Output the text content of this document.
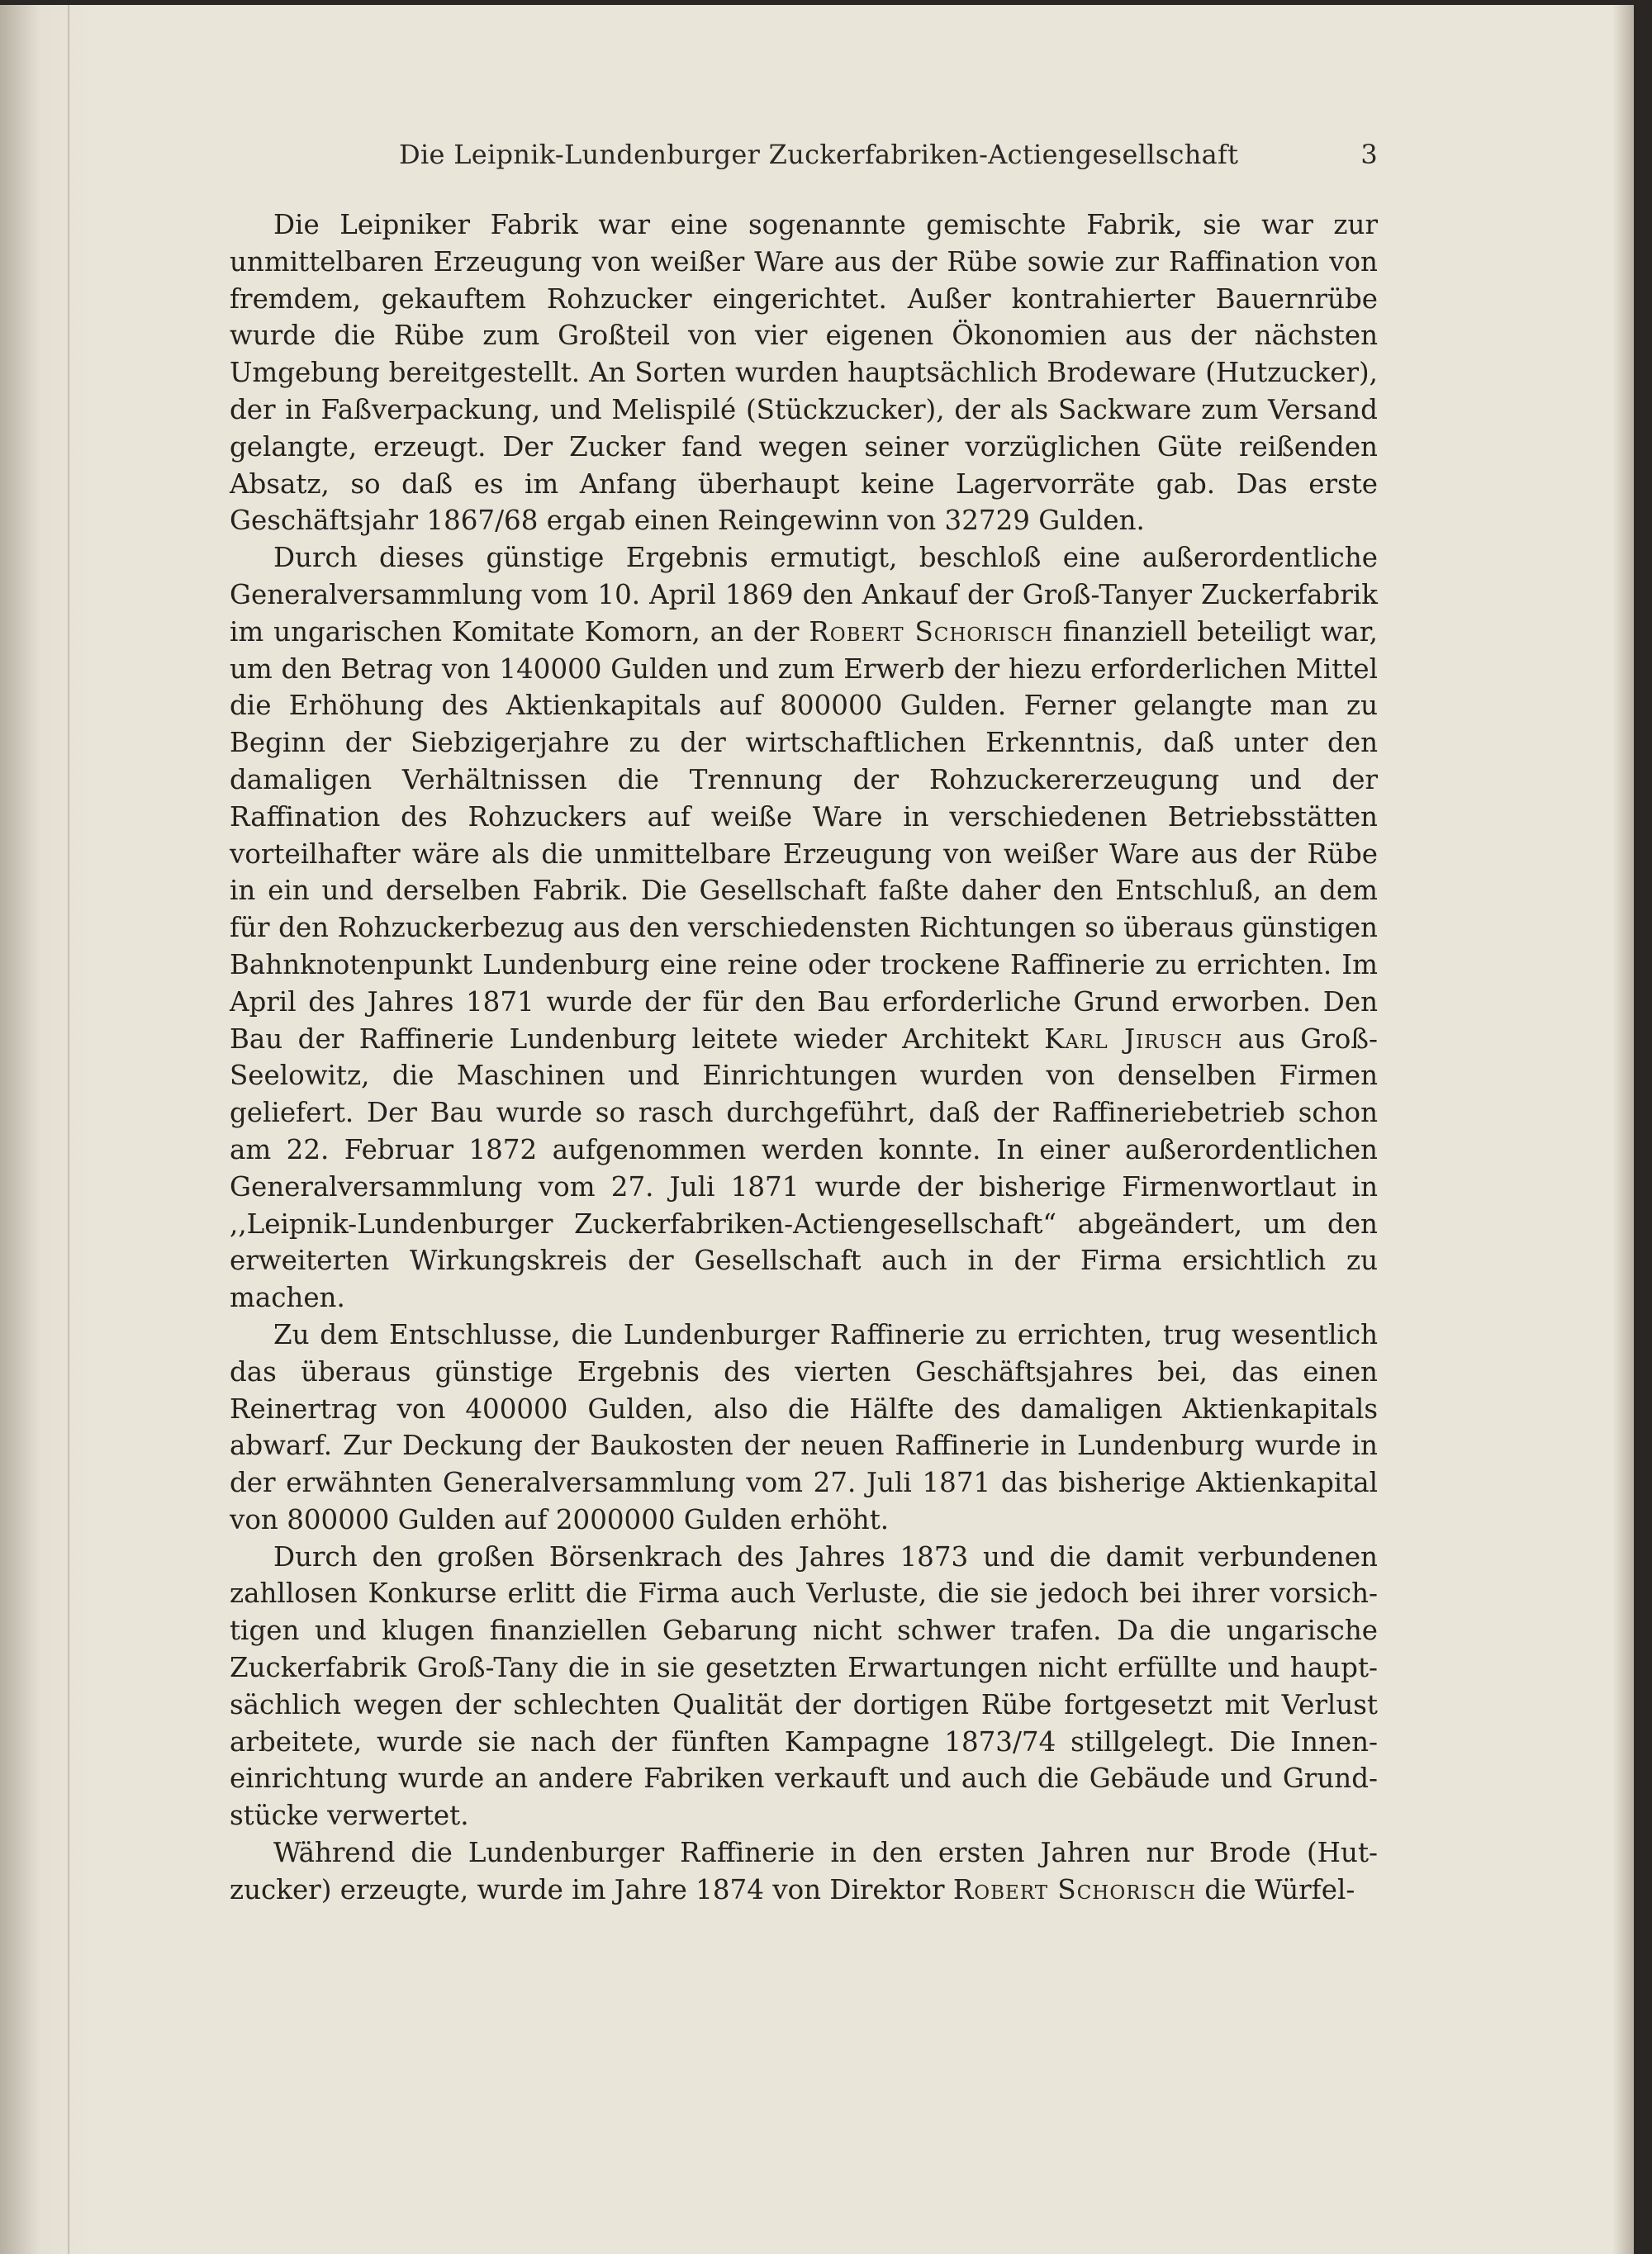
Die Leipnik-Lundenburger Zuckerfabriken-Actiengesellschaft	3

Die Leipniker Fabrik war eine sogenannte gemischte Fabrik, sie war zur unmittelbaren Erzeugung von weißer Ware aus der Rübe sowie zur Raffination von fremdem, gekauftem Rohzucker eingerichtet. Außer kontrahierter Bauernrübe wurde die Rübe zum Großteil von vier eigenen Ökonomien aus der nächsten Umgebung bereitgestellt. An Sorten wurden hauptsächlich Brodeware (Hutzucker), der in Faßverpackung, und Melispilé (Stückzucker), der als Sackware zum Versand gelangte, erzeugt. Der Zucker fand wegen seiner vorzüglichen Güte reißenden Absatz, so daß es im Anfang überhaupt keine Lagervorräte gab. Das erste Geschäftsjahr 1867/68 ergab einen Reingewinn von 32729 Gulden.

Durch dieses günstige Ergebnis ermutigt, beschloß eine außerordentliche Generalversammlung vom 10. April 1869 den Ankauf der Groß-Tanyer Zuckerfabrik im ungarischen Komitate Komorn, an der Robert Schorisch finanziell beteiligt war, um den Betrag von 140000 Gulden und zum Erwerb der hiezu erforderlichen Mittel die Erhöhung des Aktienkapitals auf 800000 Gulden. Ferner gelangte man zu Beginn der Siebzigerjahre zu der wirtschaftlichen Erkenntnis, daß unter den damaligen Verhältnissen die Trennung der Rohzuckererzeugung und der Raffination des Rohzuckers auf weiße Ware in verschiedenen Betriebsstätten vorteilhafter wäre als die unmittelbare Erzeugung von weißer Ware aus der Rübe in ein und derselben Fabrik. Die Gesellschaft faßte daher den Entschluß, an dem für den Rohzuckerbezug aus den verschiedensten Richtungen so überaus günstigen Bahnknotenpunkt Lundenburg eine reine oder trockene Raffinerie zu errichten. Im April des Jahres 1871 wurde der für den Bau erforderliche Grund erworben. Den Bau der Raffinerie Lundenburg leitete wieder Architekt Karl Jirusch aus Groß-Seelowitz, die Maschinen und Einrichtungen wurden von denselben Firmen geliefert. Der Bau wurde so rasch durchgeführt, daß der Raffineriebetrieb schon am 22. Februar 1872 aufgenommen werden konnte. In einer außerordentlichen Generalversammlung vom 27. Juli 1871 wurde der bisherige Firmenwortlaut in ,,Leipnik-Lundenburger Zuckerfabriken-Actiengesellschaft“ abgeändert, um den erweiterten Wirkungskreis der Gesellschaft auch in der Firma ersichtlich zu machen.

Zu dem Entschlusse, die Lundenburger Raffinerie zu errichten, trug wesentlich das überaus günstige Ergebnis des vierten Geschäftsjahres bei, das einen Reinertrag von 400000 Gulden, also die Hälfte des damaligen Aktienkapitals abwarf. Zur Deckung der Baukosten der neuen Raffinerie in Lundenburg wurde in der erwähnten Generalversammlung vom 27. Juli 1871 das bisherige Aktienkapital von 800000 Gulden auf 2000000 Gulden erhöht.

Durch den großen Börsenkrach des Jahres 1873 und die damit verbundenen zahllosen Konkurse erlitt die Firma auch Verluste, die sie jedoch bei ihrer vorsichtigen und klugen finanziellen Gebarung nicht schwer trafen. Da die ungarische Zuckerfabrik Groß-Tany die in sie gesetzten Erwartungen nicht erfüllte und hauptsächlich wegen der schlechten Qualität der dortigen Rübe fortgesetzt mit Verlust arbeitete, wurde sie nach der fünften Kampagne 1873/74 stillgelegt. Die Inneneinrichtung wurde an andere Fabriken verkauft und auch die Gebäude und Grundstücke verwertet.

Während die Lundenburger Raffinerie in den ersten Jahren nur Brode (Hutzucker) erzeugte, wurde im Jahre 1874 von Direktor Robert Schorisch die Würfel-
